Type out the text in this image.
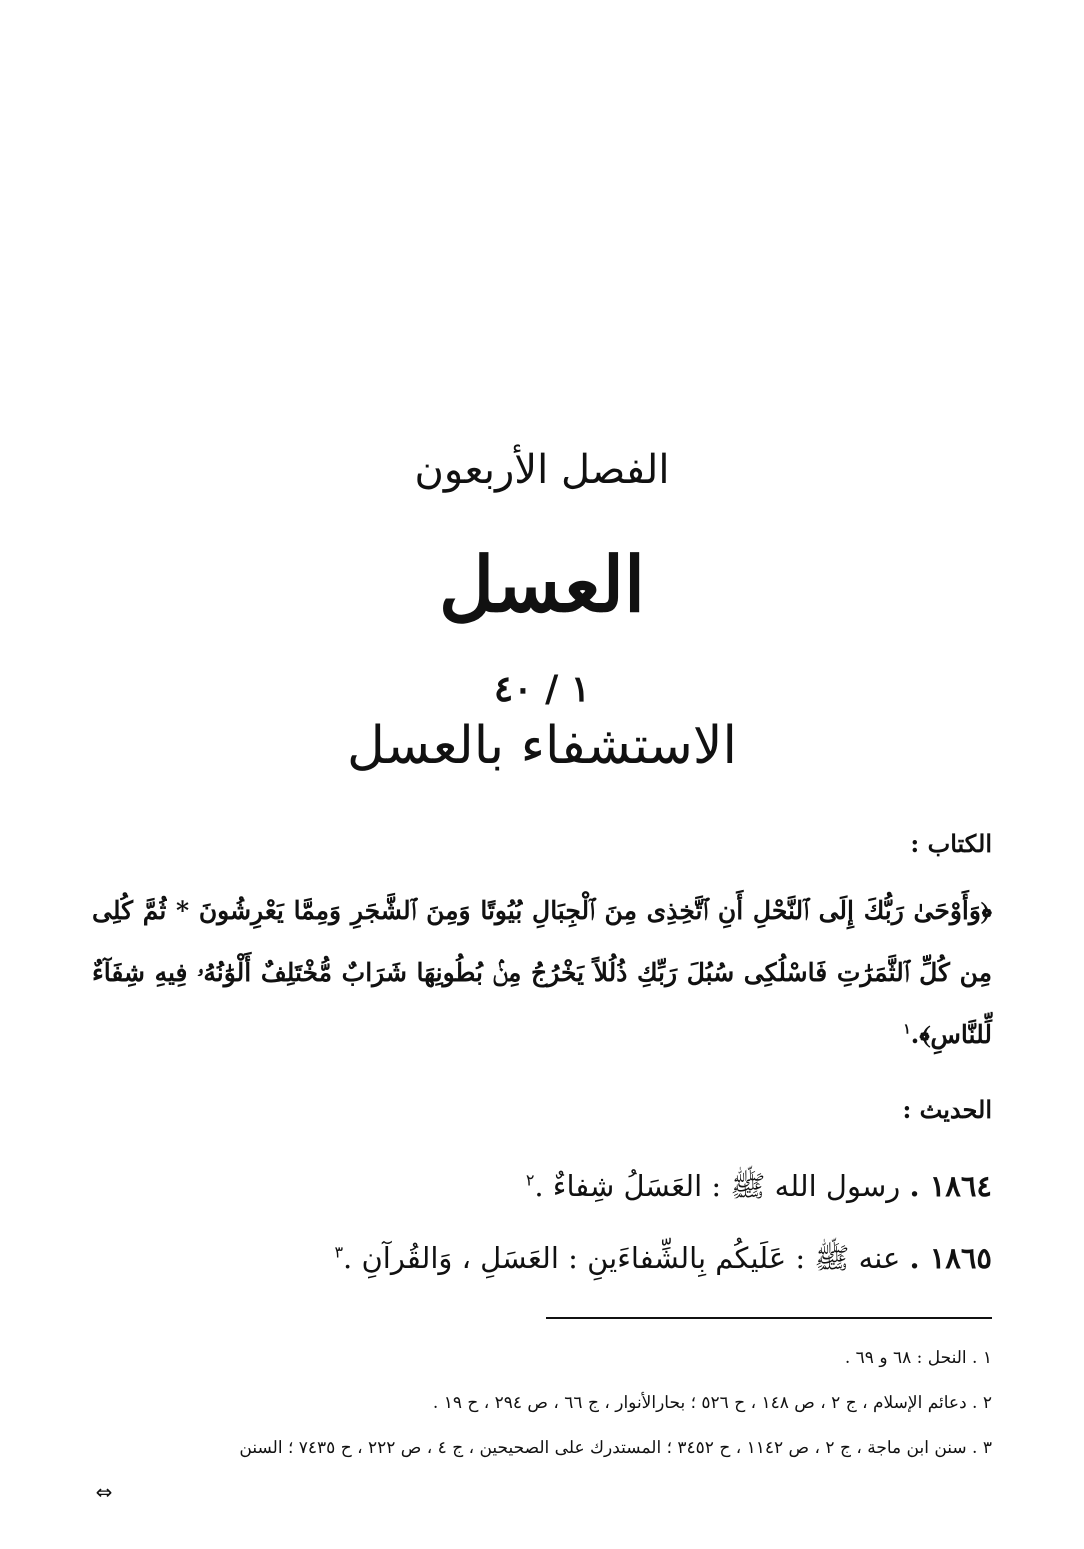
الفصل الأربعون
العسل
١ / ٤٠
الاستشفاء بالعسل
الكتاب :
﴿وَأَوْحَىٰ رَبُّكَ إِلَى ٱلنَّحْلِ أَنِ ٱتَّخِذِى مِنَ ٱلْجِبَالِ بُيُوتًا وَمِنَ ٱلشَّجَرِ وَمِمَّا يَعْرِشُونَ * ثُمَّ كُلِى مِن كُلِّ ٱلثَّمَرَٰتِ فَاسْلُكِى سُبُلَ رَبِّكِ ذُلُلاً يَخْرُجُ مِنۢ بُطُونِهَا شَرَابٌ مُّخْتَلِفٌ أَلْوَٰنُهُۥ فِيهِ شِفَآءٌ لِّلنَّاسِ﴾.$^١$
الحديث :
١٨٦٤ . رسول الله ﷺ : العَسَلُ شِفاءٌ .$^٢$
١٨٦٥ . عنه ﷺ : عَلَيكُم بِالشِّفاءَينِ : العَسَلِ ، وَالقُرآنِ .$^٣$
١ . النحل : ٦٨ و ٦٩ .
٢ . دعائم الإسلام ، ج ٢ ، ص ١٤٨ ، ح ٥٢٦ ؛ بحارالأنوار ، ج ٦٦ ، ص ٢٩٤ ، ح ١٩ .
٣ . سنن ابن ماجة ، ج ٢ ، ص ١١٤٢ ، ح ٣٤٥٢ ؛ المستدرك على الصحيحين ، ج ٤ ، ص ٢٢٢ ، ح ٧٤٣٥ ؛ السنن
⇔
